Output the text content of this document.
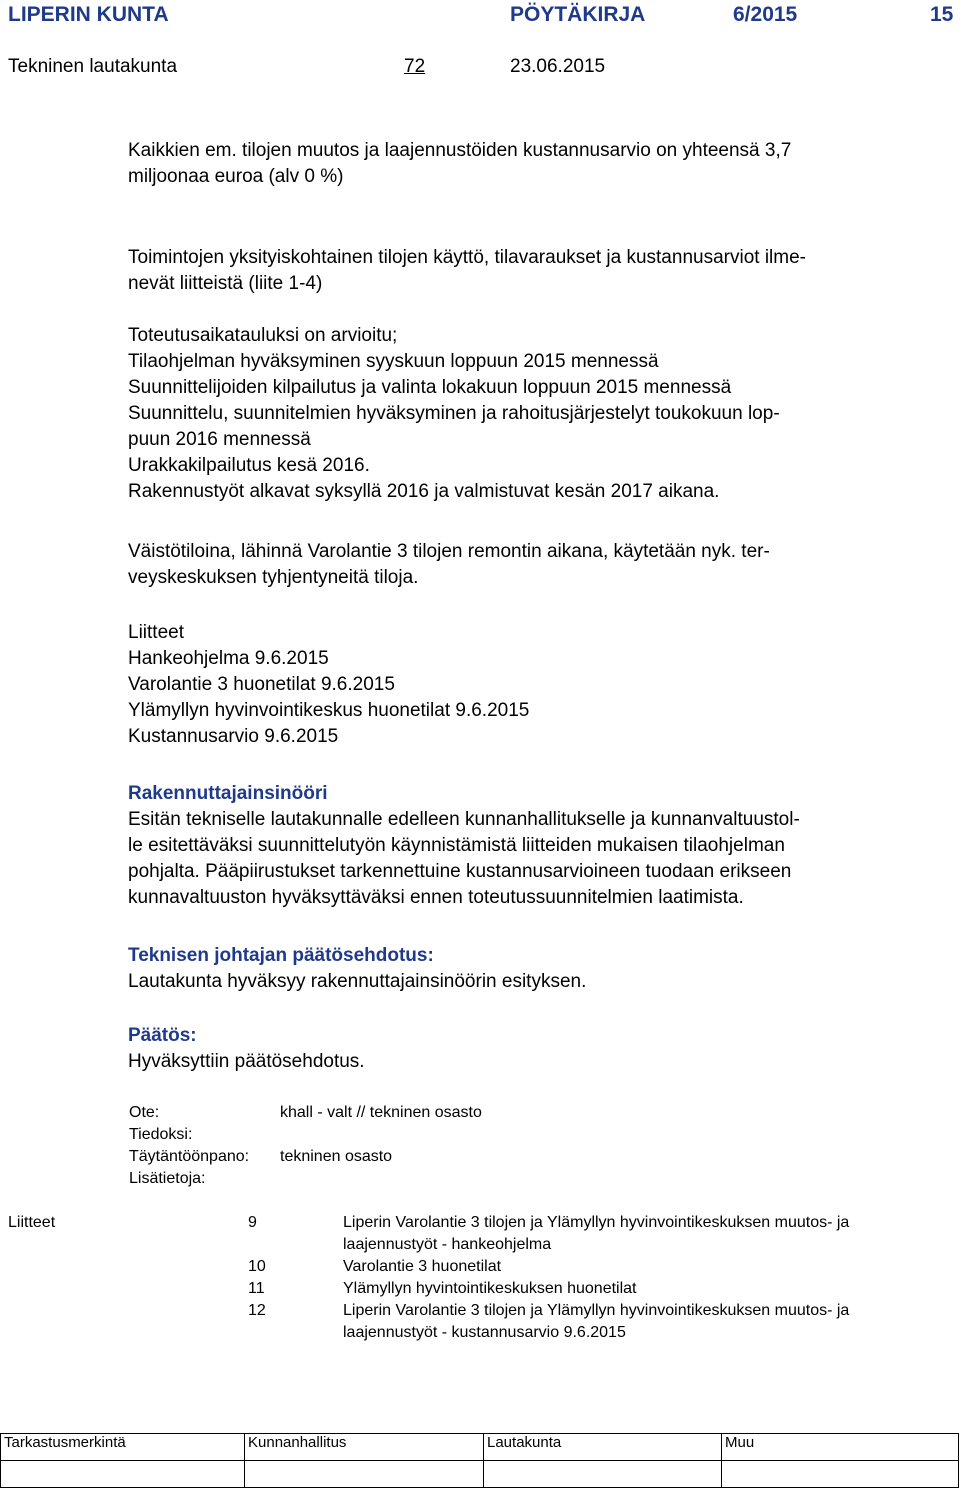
LIPERIN KUNTA	PÖYTÄKIRJA	6/2015	15
Tekninen lautakunta	72	23.06.2015
Kaikkien em. tilojen muutos ja laajennustöiden kustannusarvio on yhteensä 3,7
miljoonaa euroa (alv 0 %)
Toimintojen yksityiskohtainen tilojen käyttö, tilavaraukset ja kustannusarviot ilme-
nevät liitteistä (liite 1-4)
Toteutusaikatauluksi on arvioitu;
Tilaohjelman hyväksyminen syyskuun loppuun 2015 mennessä
Suunnittelijoiden kilpailutus ja valinta lokakuun loppuun 2015 mennessä
Suunnittelu, suunnitelmien hyväksyminen ja rahoitusjärjestelyt toukokuun lop-
puun 2016 mennessä
Urakkakilpailutus kesä 2016.
Rakennustyöt alkavat syksyllä 2016 ja valmistuvat kesän 2017 aikana.
Väistötiloina, lähinnä Varolantie 3 tilojen remontin aikana, käytetään nyk. ter-
veyskeskuksen tyhjentyneitä tiloja.
Liitteet
Hankeohjelma 9.6.2015
Varolantie 3 huonetilat 9.6.2015
Ylämyllyn hyvinvointikeskus huonetilat 9.6.2015
Kustannusarvio 9.6.2015
Rakennuttajainsinööri
Esitän tekniselle lautakunnalle edelleen kunnanhallitukselle ja kunnanvaltuustol-
le esitettäväksi suunnittelutyön käynnistämistä liitteiden mukaisen tilaohjelman
pohjalta. Pääpiirustukset tarkennettuine kustannusarvioineen tuodaan erikseen
kunnavaltuuston hyväksyttäväksi ennen toteutussuunnitelmien laatimista.
Teknisen johtajan päätösehdotus:
Lautakunta hyväksyy rakennuttajainsinöörin esityksen.
Päätös:
Hyväksyttiin päätösehdotus.
Ote:	khall - valt // tekninen osasto
Tiedoksi:
Täytäntöönpano: tekninen osasto
Lisätietoja:
Liitteet	9	Liperin Varolantie 3 tilojen ja Ylämyllyn hyvinvointikeskuksen muutos- ja
laajennustyöt - hankeohjelma
10	Varolantie 3 huonetilat
11	Ylämyllyn hyvintointikeskuksen huonetilat
12	Liperin Varolantie 3 tilojen ja Ylämyllyn hyvinvointikeskuksen muutos- ja
laajennustyöt - kustannusarvio 9.6.2015
Tarkastusmerkintä	Kunnanhallitus	Lautakunta	Muu
